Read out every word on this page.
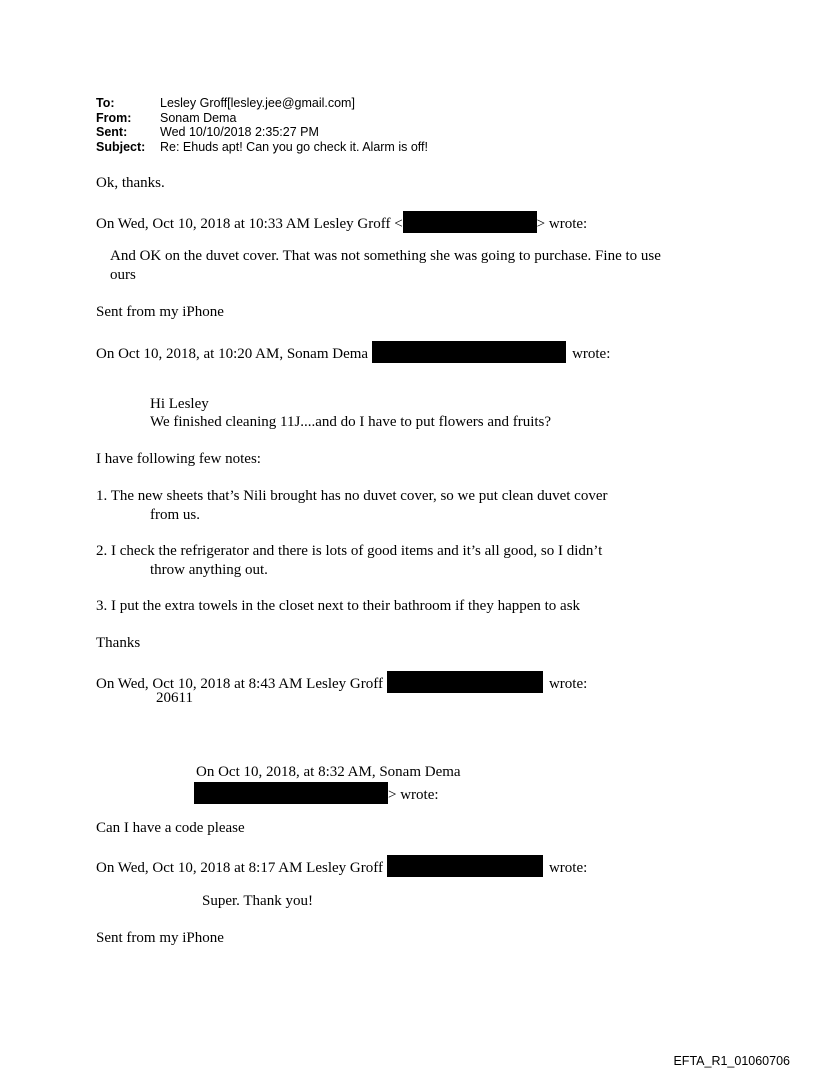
To:	Lesley Groff[lesley.jee@gmail.com]
From: Sonam Dema
Sent:	Wed 10/10/2018 2:35:27 PM
Subject: Re: Ehuds apt! Can you go check it. Alarm is off!
Ok, thanks.
On Wed, Oct 10, 2018 at 10:33 AM Lesley Groff <	> wrote:
And OK on the duvet cover. That was not something she was going to purchase. Fine to use
ours
Sent from my iPhone
On Oct 10, 2018, at 10:20 AM, Sonam Dema	wrote:
Hi Lesley
We finished cleaning 11J....and do I have to put flowers and fruits?
I have following few notes:
1. The new sheets that’s Nili brought has no duvet cover, so we put clean duvet cover
from us.
2. I check the refrigerator and there is lots of good items and it’s all good, so I didn’t
throw anything out.
3. I put the extra towels in the closet next to their bathroom if they happen to ask
Thanks
On Wed, Oct 10, 2018 at 8:43 AM Lesley Groff	wrote:
20611
On Oct 10, 2018, at 8:32 AM, Sonam Dema
> wrote:
Can I have a code please
On Wed, Oct 10, 2018 at 8:17 AM Lesley Groff	wrote:
Super. Thank you!
Sent from my iPhone
EFTA_R1_01060706
